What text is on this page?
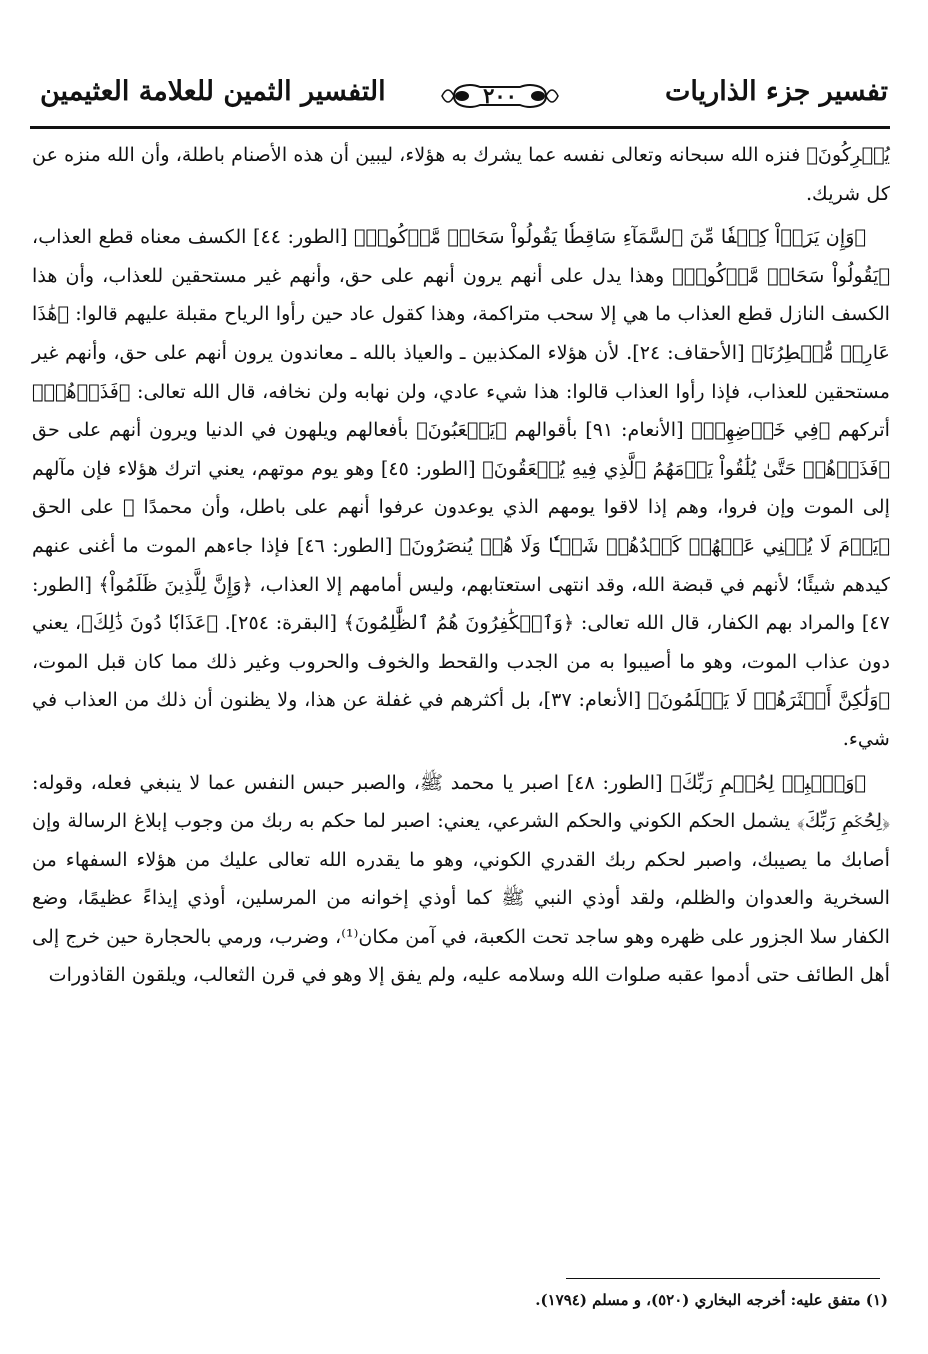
تفسير جزء الذاريات
٢٠٠
التفسير الثمين للعلامة العثيمين

يُشۡرِكُونَ﴾ فنزه الله سبحانه وتعالى نفسه عما يشرك به هؤلاء، ليبين أن هذه الأصنام باطلة، وأن الله منزه عن كل شريك.

﴿وَإِن يَرَوۡاْ كِسۡفٗا مِّنَ ٱلسَّمَآءِ سَاقِطٗا يَقُولُواْ سَحَابٞ مَّرۡكُومٞ﴾ [الطور: ٤٤] الكسف معناه قطع العذاب، ﴿يَقُولُواْ سَحَابٞ مَّرۡكُومٞ﴾ وهذا يدل على أنهم يرون أنهم على حق، وأنهم غير مستحقين للعذاب، وأن هذا الكسف النازل قطع العذاب ما هي إلا سحب متراكمة، وهذا كقول عاد حين رأوا الرياح مقبلة عليهم قالوا: ﴿هَٰذَا عَارِضٞ مُّمۡطِرُنَا﴾ [الأحقاف: ٢٤]. لأن هؤلاء المكذبين ـ والعياذ بالله ـ معاندون يرون أنهم على حق، وأنهم غير مستحقين للعذاب، فإذا رأوا العذاب قالوا: هذا شيء عادي، ولن نهابه ولن نخافه، قال الله تعالى: ﴿فَذَرۡهُمۡ﴾ أتركهم ﴿فِي خَوۡضِهِمۡ﴾ [الأنعام: ٩١] بأقوالهم ﴿يَلۡعَبُونَ﴾ بأفعالهم ويلهون في الدنيا ويرون أنهم على حق ﴿فَذَرۡهُمۡ حَتَّىٰ يُلَٰقُواْ يَوۡمَهُمُ ٱلَّذِي فِيهِ يُصۡعَقُونَ﴾ [الطور: ٤٥] وهو يوم موتهم، يعني اترك هؤلاء فإن مآلهم إلى الموت وإن فروا، وهم إذا لاقوا يومهم الذي يوعدون عرفوا أنهم على باطل، وأن محمدًا ﷺ على الحق ﴿يَوۡمَ لَا يُغۡنِي عَنۡهُمۡ كَيۡدُهُمۡ شَيۡـٔٗا وَلَا هُمۡ يُنصَرُونَ﴾ [الطور: ٤٦] فإذا جاءهم الموت ما أغنى عنهم كيدهم شيئًا؛ لأنهم في قبضة الله، وقد انتهى استعتابهم، وليس أمامهم إلا العذاب، ﴿وَإِنَّ لِلَّذِينَ ظَلَمُواْ﴾ [الطور: ٤٧] والمراد بهم الكفار، قال الله تعالى: ﴿وَٱلۡكَٰفِرُونَ هُمُ ٱلظَّٰلِمُونَ﴾ [البقرة: ٢٥٤]. ﴿عَذَابٗا دُونَ ذَٰلِكَ﴾، يعني دون عذاب الموت، وهو ما أصيبوا به من الجدب والقحط والخوف والحروب وغير ذلك مما كان قبل الموت، ﴿وَلَٰكِنَّ أَكۡثَرَهُمۡ لَا يَعۡلَمُونَ﴾ [الأنعام: ٣٧]، بل أكثرهم في غفلة عن هذا، ولا يظنون أن ذلك من العذاب في شيء.

﴿وَٱصۡبِرۡ لِحُكۡمِ رَبِّكَ﴾ [الطور: ٤٨] اصبر يا محمد ﷺ، والصبر حبس النفس عما لا ينبغي فعله، وقوله: ﴿لِحُكۡمِ رَبِّكَ﴾ يشمل الحكم الكوني والحكم الشرعي، يعني: اصبر لما حكم به ربك من وجوب إبلاغ الرسالة وإن أصابك ما يصيبك، واصبر لحكم ربك القدري الكوني، وهو ما يقدره الله تعالى عليك من هؤلاء السفهاء من السخرية والعدوان والظلم، ولقد أوذي النبي ﷺ كما أوذي إخوانه من المرسلين، أوذي إيذاءً عظيمًا، وضع الكفار سلا الجزور على ظهره وهو ساجد تحت الكعبة، في آمن مكان⁽¹⁾، وضرب، ورمي بالحجارة حين خرج إلى أهل الطائف حتى أدموا عقبه صلوات الله وسلامه عليه، ولم يفق إلا وهو في قرن الثعالب، ويلقون القاذورات

(١) متفق عليه: أخرجه البخاري (٥٢٠)، و مسلم (١٧٩٤).
